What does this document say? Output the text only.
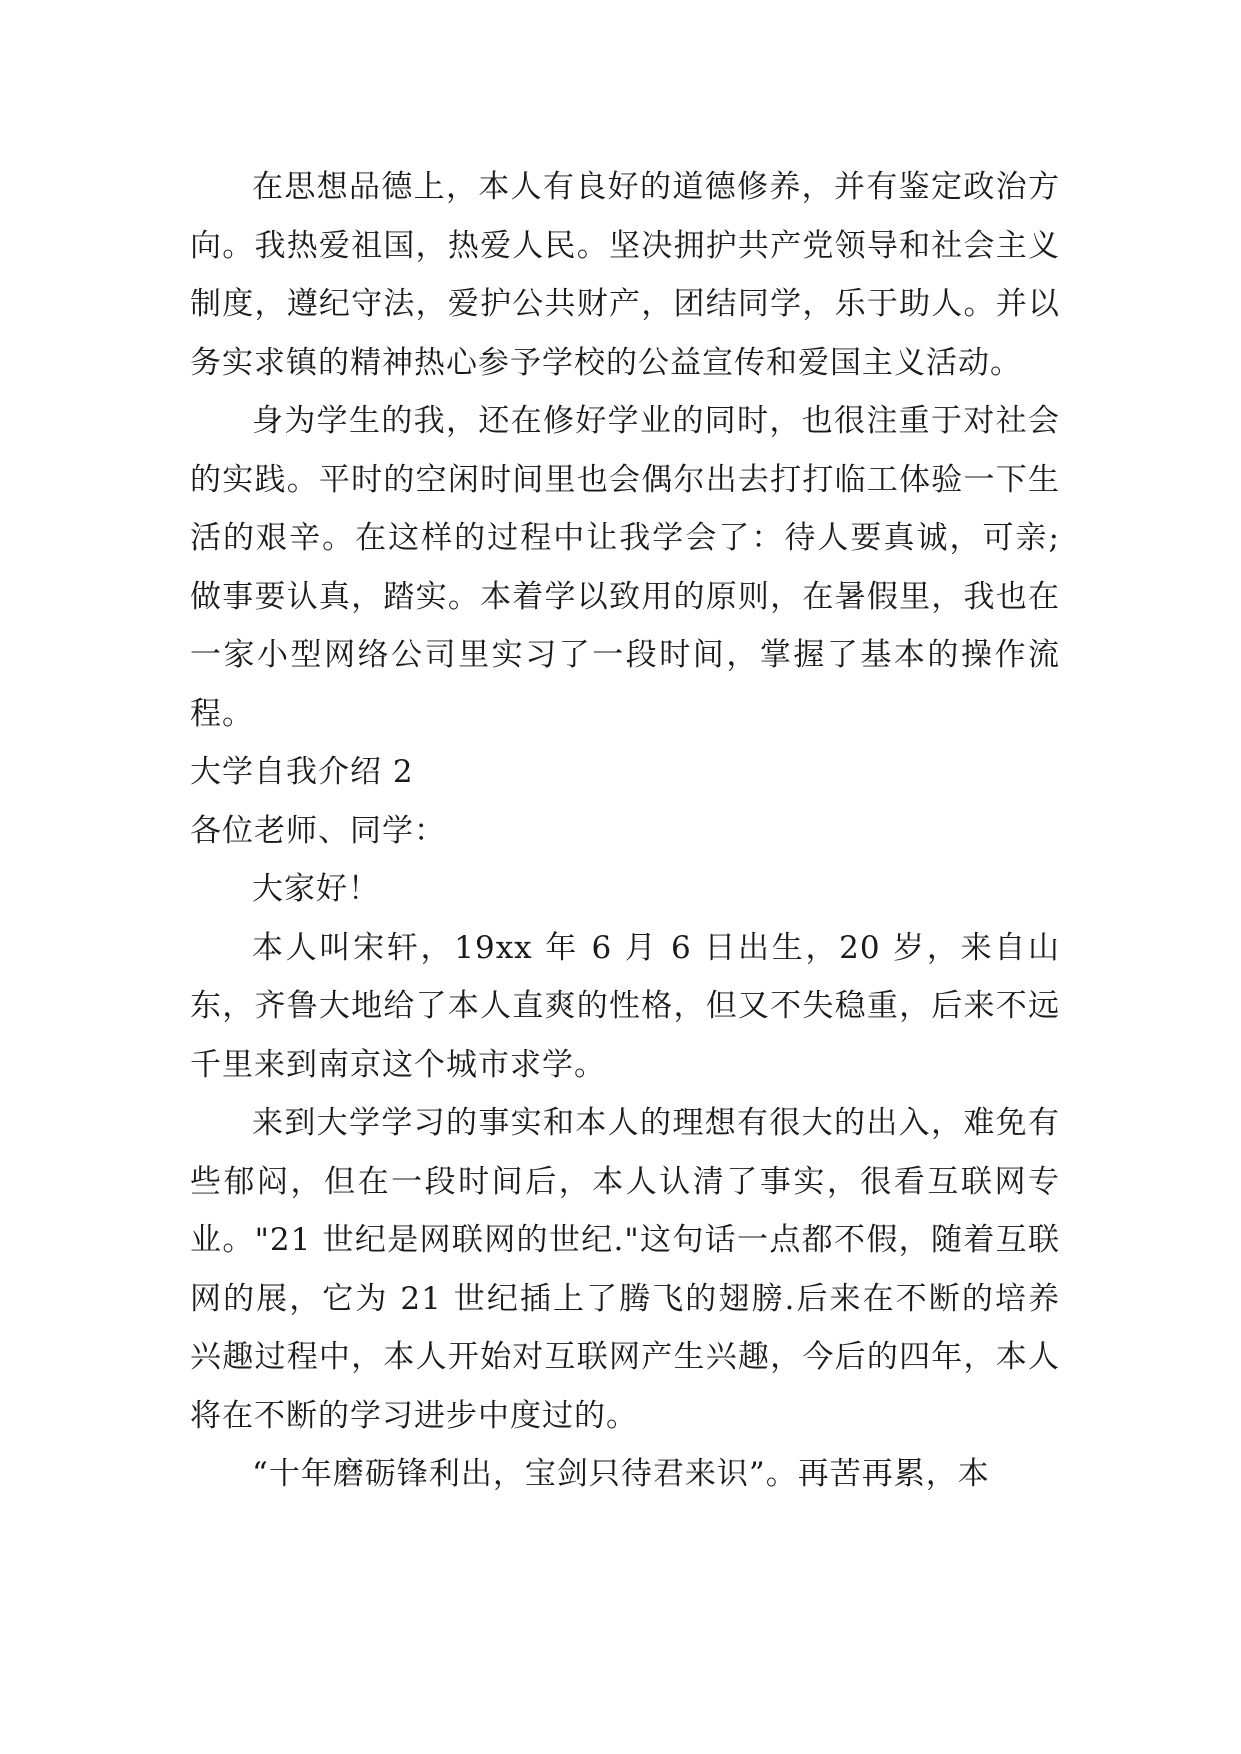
在思想品德上，本人有良好的道德修养，并有鉴定政治方向。我热爱祖国，热爱人民。坚决拥护共产党领导和社会主义制度，遵纪守法，爱护公共财产，团结同学，乐于助人。并以务实求镇的精神热心参予学校的公益宣传和爱国主义活动。

身为学生的我，还在修好学业的同时，也很注重于对社会的实践。平时的空闲时间里也会偶尔出去打打临工体验一下生活的艰辛。在这样的过程中让我学会了：待人要真诚，可亲;做事要认真，踏实。本着学以致用的原则，在暑假里，我也在一家小型网络公司里实习了一段时间，掌握了基本的操作流程。

大学自我介绍 2

各位老师、同学：

大家好！

本人叫宋轩，19xx 年 6 月 6 日出生，20 岁，来自山东，齐鲁大地给了本人直爽的性格，但又不失稳重，后来不远千里来到南京这个城市求学。

来到大学学习的事实和本人的理想有很大的出入，难免有些郁闷，但在一段时间后，本人认清了事实，很看互联网专业。"21 世纪是网联网的世纪."这句话一点都不假，随着互联网的展，它为 21 世纪插上了腾飞的翅膀.后来在不断的培养兴趣过程中，本人开始对互联网产生兴趣，今后的四年，本人将在不断的学习进步中度过的。

“十年磨砺锋利出，宝剑只待君来识”。再苦再累，本
